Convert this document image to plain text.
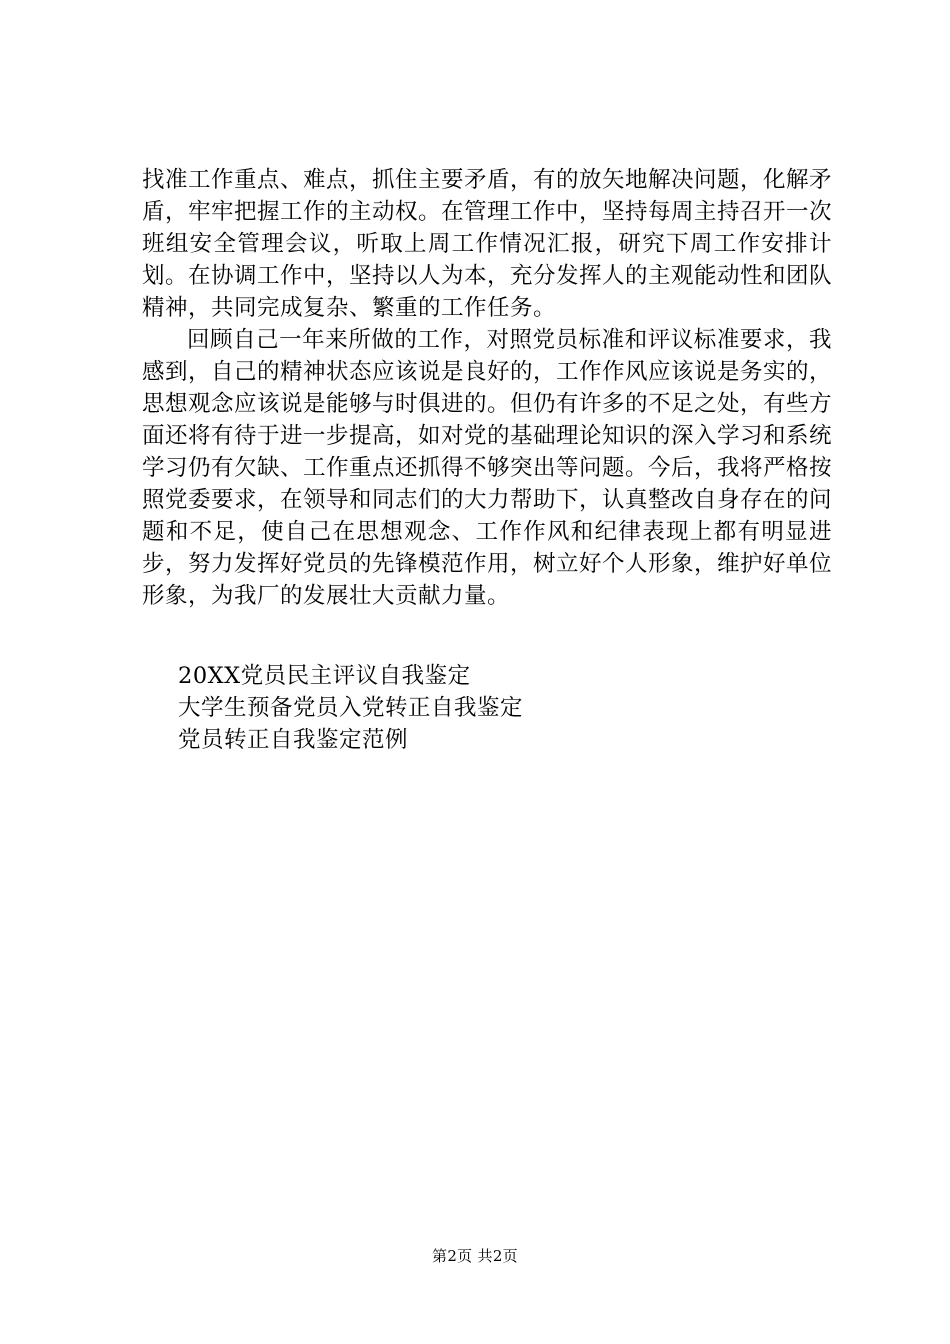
找准工作重点、难点，抓住主要矛盾，有的放矢地解决问题，化解矛盾，牢牢把握工作的主动权。在管理工作中，坚持每周主持召开一次班组安全管理会议，听取上周工作情况汇报，研究下周工作安排计划。在协调工作中，坚持以人为本，充分发挥人的主观能动性和团队精神，共同完成复杂、繁重的工作任务。

回顾自己一年来所做的工作，对照党员标准和评议标准要求，我感到，自己的精神状态应该说是良好的，工作作风应该说是务实的，思想观念应该说是能够与时俱进的。但仍有许多的不足之处，有些方面还将有待于进一步提高，如对党的基础理论知识的深入学习和系统学习仍有欠缺、工作重点还抓得不够突出等问题。今后，我将严格按照党委要求，在领导和同志们的大力帮助下，认真整改自身存在的问题和不足，使自己在思想观念、工作作风和纪律表现上都有明显进步，努力发挥好党员的先锋模范作用，树立好个人形象，维护好单位形象，为我厂的发展壮大贡献力量。

20XX党员民主评议自我鉴定
大学生预备党员入党转正自我鉴定
党员转正自我鉴定范例
第2页 共2页
